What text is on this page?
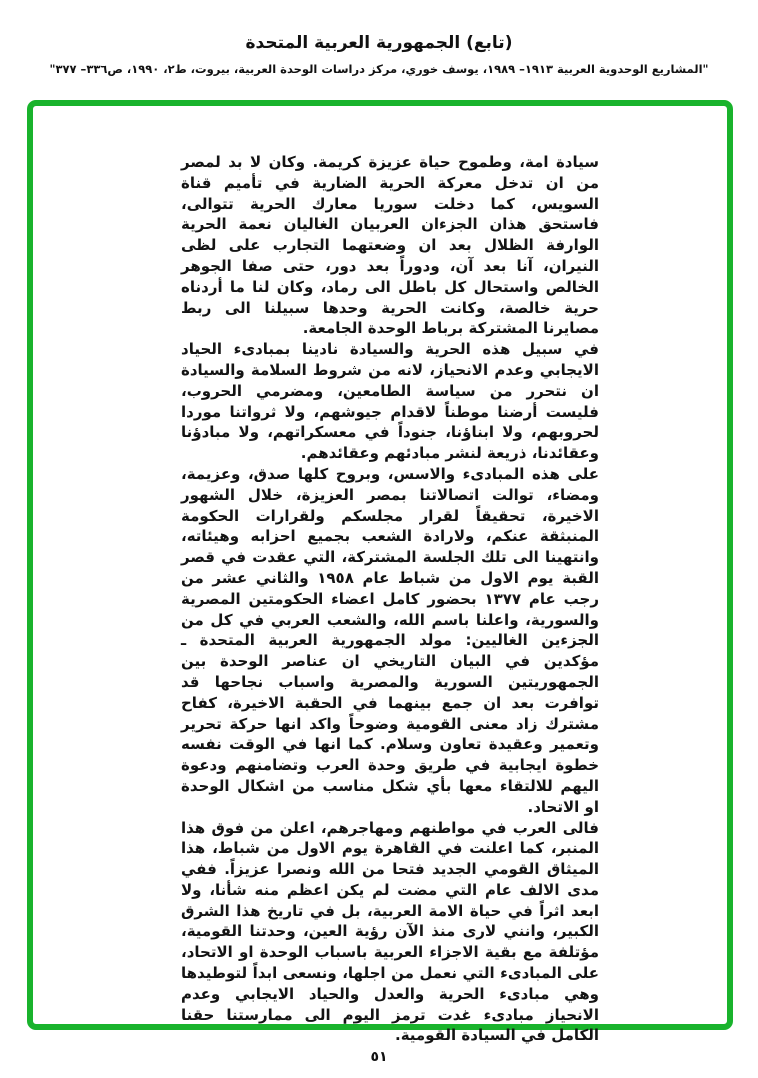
(تابع) الجمهورية العربية المتحدة
"المشاريع الوحدوية العربية ١٩١٣– ١٩٨٩، يوسف خوري، مركز دراسات الوحدة العربية، بيروت، ط٢، ١٩٩٠، ص٣٣٦– ٣٧٧"

سيادة امة، وطموح حياة عزيزة كريمة. وكان لا بد لمصر من ان تدخل معركة الحرية الضارية في تأميم قناة السويس، كما دخلت سوريا معارك الحرية تتوالى، فاستحق هذان الجزءان العربيان الغاليان نعمة الحرية الوارفة الظلال بعد ان وضعتهما التجارب على لظى النيران، آنا بعد آن، ودوراً بعد دور، حتى صفا الجوهر الخالص واستحال كل باطل الى رماد، وكان لنا ما أردناه حرية خالصة، وكانت الحرية وحدها سبيلنا الى ربط مصايرنا المشتركة برباط الوحدة الجامعة.

في سبيل هذه الحرية والسيادة نادينا بمبادىء الحياد الايجابي وعدم الانحياز، لانه من شروط السلامة والسيادة ان نتحرر من سياسة الطامعين، ومضرمي الحروب، فليست أرضنا موطناً لاقدام جيوشهم، ولا ثرواتنا موردا لحروبهم، ولا ابناؤنا، جنوداً في معسكراتهم، ولا مبادؤنا وعقائدنا، ذريعة لنشر مبادئهم وعقائدهم.

على هذه المبادىء والاسس، وبروح كلها صدق، وعزيمة، ومضاء، توالت اتصالاتنا بمصر العزيزة، خلال الشهور الاخيرة، تحقيقاً لقرار مجلسكم ولقرارات الحكومة المنبثقة عنكم، ولارادة الشعب بجميع احزابه وهيئاته، وانتهينا الى تلك الجلسة المشتركة، التي عقدت في قصر القبة يوم الاول من شباط عام ١٩٥٨ والثاني عشر من رجب عام ١٣٧٧ بحضور كامل اعضاء الحكومتين المصرية والسورية، واعلنا باسم الله، والشعب العربي في كل من الجزءين الغاليين: مولد الجمهورية العربية المتحدة ـ مؤكدين في البيان التاريخي ان عناصر الوحدة بين الجمهوريتين السورية والمصرية واسباب نجاحها قد توافرت بعد ان جمع بينهما في الحقبة الاخيرة، كفاح مشترك زاد معنى القومية وضوحاً واكد انها حركة تحرير وتعمير وعقيدة تعاون وسلام. كما انها في الوقت نفسه خطوة ايجابية في طريق وحدة العرب وتضامنهم ودعوة اليهم للالتقاء معها بأي شكل مناسب من اشكال الوحدة او الاتحاد.

فالى العرب في مواطنهم ومهاجرهم، اعلن من فوق هذا المنبر، كما اعلنت في القاهرة يوم الاول من شباط، هذا الميثاق القومي الجديد فتحا من الله ونصرا عزيزاً. ففي مدى الالف عام التي مضت لم يكن اعظم منه شأنا، ولا ابعد اثراً في حياة الامة العربية، بل في تاريخ هذا الشرق الكبير، وانني لارى منذ الآن رؤية العين، وحدتنا القومية، مؤتلفة مع بقية الاجزاء العربية باسباب الوحدة او الاتحاد، على المبادىء التي نعمل من اجلها، ونسعى ابداً لتوطيدها وهي مبادىء الحرية والعدل والحياد الايجابي وعدم الانحياز مبادىء غدت ترمز اليوم الى ممارستنا حقنا الكامل في السيادة القومية.

٥١
